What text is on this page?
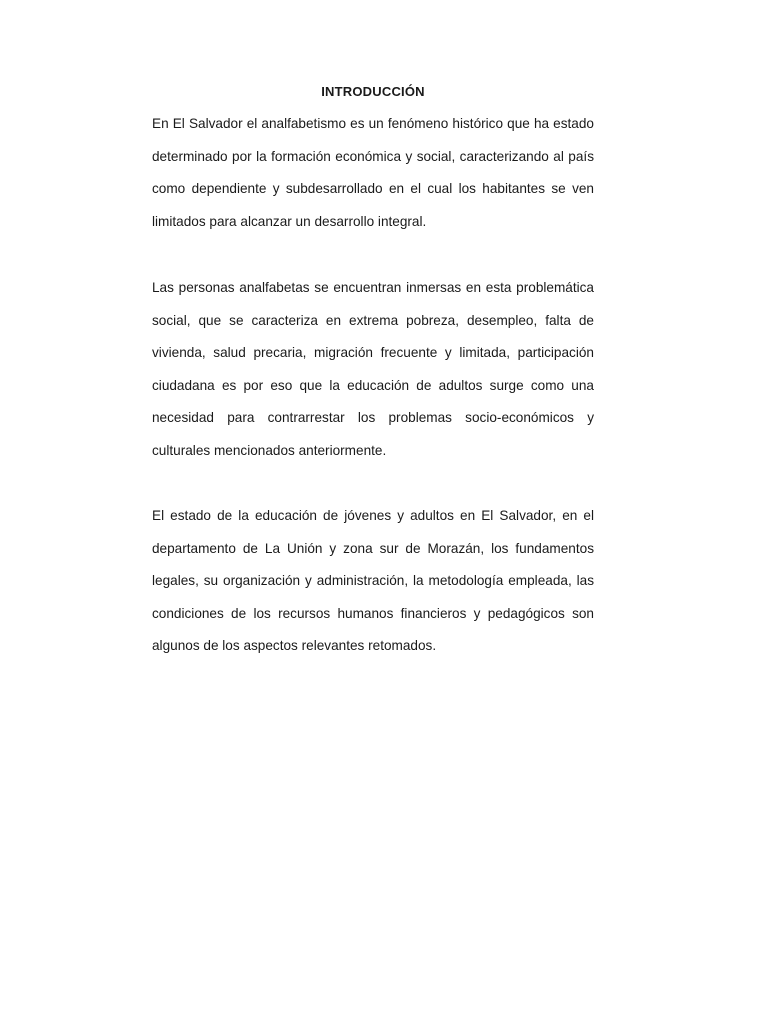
INTRODUCCIÓN

En El Salvador el analfabetismo es un fenómeno histórico que ha estado determinado por la formación económica y social, caracterizando al país como dependiente y subdesarrollado en el cual los habitantes se ven limitados para alcanzar un desarrollo integral.

Las personas analfabetas se encuentran inmersas en esta problemática social, que se caracteriza en extrema pobreza, desempleo, falta de vivienda, salud precaria, migración frecuente y limitada, participación ciudadana es por eso que la educación de adultos surge como una necesidad para contrarrestar los problemas socio-económicos y culturales mencionados anteriormente.

El estado de la educación de jóvenes y adultos en El Salvador, en el departamento de La Unión y zona sur de Morazán, los fundamentos legales, su organización y administración, la metodología empleada, las condiciones de los recursos humanos financieros y pedagógicos son algunos de los aspectos relevantes retomados.
